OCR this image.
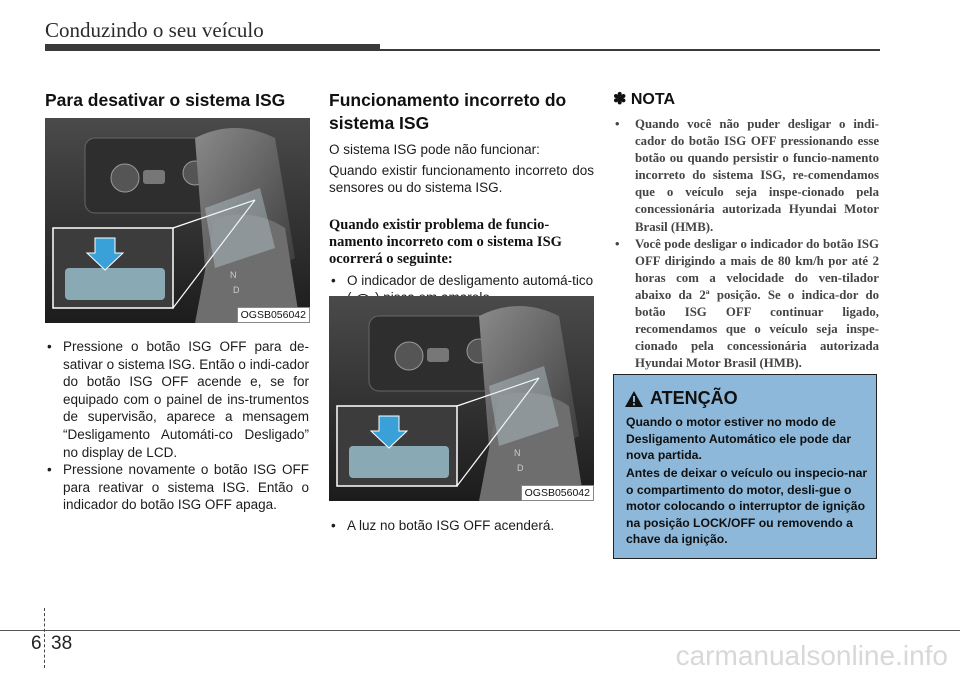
Conduzindo o seu veículo
Para desativar o sistema ISG
N
D
OGSB056042
• Pressione o botão ISG OFF para de-sativar o sistema ISG. Então o indi-cador do botão ISG OFF acende e, se for equipado com o painel de ins-trumentos de supervisão, aparece a mensagem “Desligamento Automáti-co Desligado” no display de LCD.
• Pressione novamente o botão ISG OFF para reativar o sistema ISG. Então o indicador do botão ISG OFF apaga.
Funcionamento incorreto do sistema ISG
O sistema ISG pode não funcionar:
Quando existir funcionamento incorreto dos sensores ou do sistema ISG.
Quando existir problema de funcio-namento incorreto com o sistema ISG ocorrerá o seguinte:
• O indicador de desligamento automá-tico
N
D
OGSB056042
• A luz no botão ISG OFF acenderá.
✽ NOTA
• Quando você não puder desligar o indi-cador do botão ISG OFF pressionando esse botão ou quando persistir o funcio-namento incorreto do sistema ISG, re-comendamos que o veículo seja inspe-cionado pela concessionária autorizada Hyundai Motor Brasil (HMB).
• Você pode desligar o indicador do botão ISG OFF dirigindo a mais de 80 km/h por até 2 horas com a velocidade do ven-tilador abaixo da 2ª posição. Se o indica-dor do botão ISG OFF continuar ligado, recomendamos que o veículo seja inspe-cionado pela concessionária autorizada Hyundai Motor Brasil (HMB).
ATENÇÃO
Quando o motor estiver no modo de Desligamento Automático ele pode dar nova partida.
Antes de deixar o veículo ou inspecio-nar o compartimento do motor, desli-gue o motor colocando o interruptor de ignição na posição LOCK/OFF ou removendo a chave da ignição.
6 38	carmanualsonline.info
